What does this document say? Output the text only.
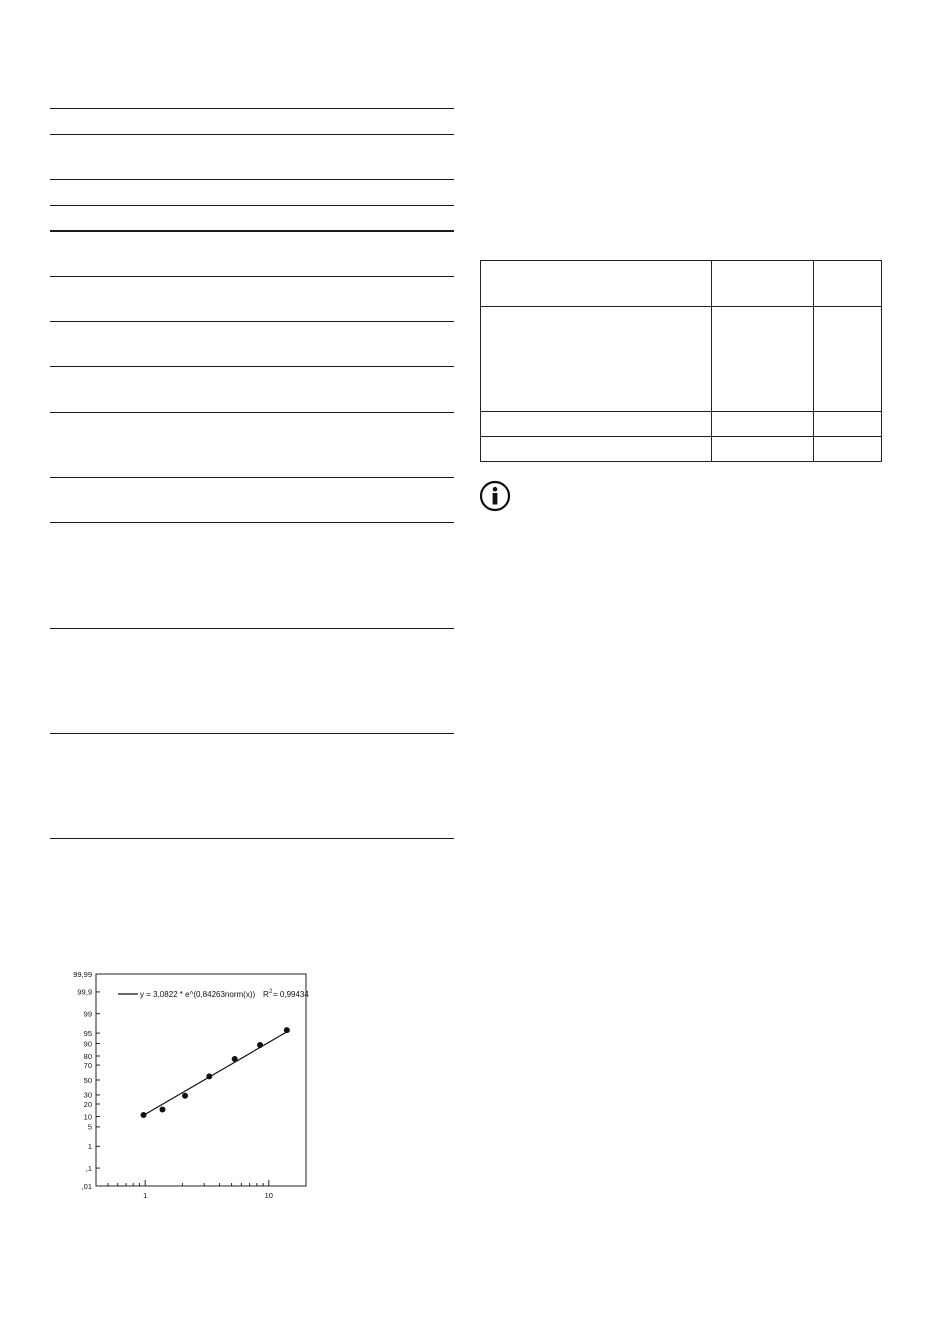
99,99
99,9
99
95
90
80
70
50
30
20
10
5
1
,1
,01
1	10
y = 3,0822 * e^(0,84263norm(x)) R 2 = 0,99434
